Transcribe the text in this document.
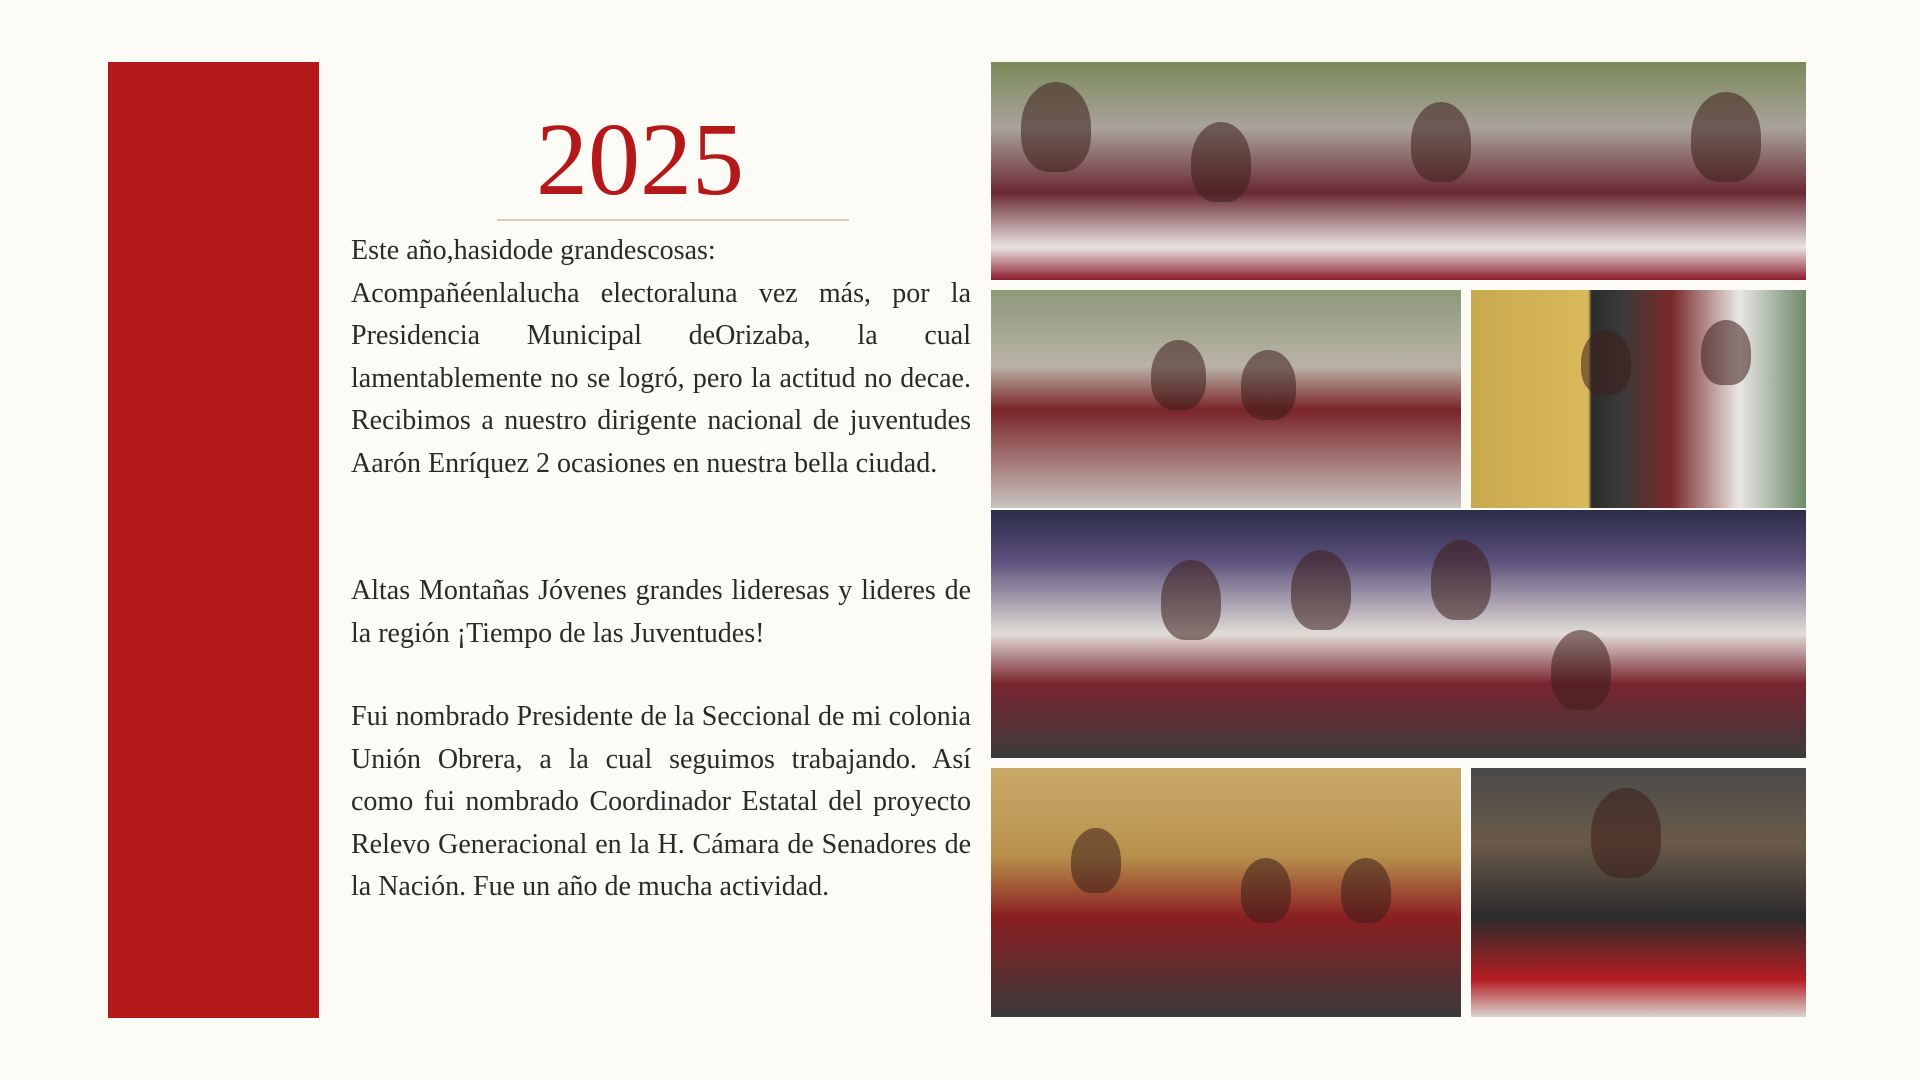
2025

Este año,hasidode grandescosas:

Acompañéenlalucha electoraluna vez más, por la Presidencia Municipal deOrizaba, la cual lamentablemente no se logró, pero la actitud no decae. Recibimos a nuestro dirigente nacional de juventudes Aarón Enríquez 2 ocasiones en nuestra bella ciudad.

Altas Montañas Jóvenes grandes lideresas y lideres de la región ¡Tiempo de las Juventudes!

Fui nombrado Presidente de la Seccional de mi colonia Unión Obrera, a la cual seguimos trabajando. Así como fui nombrado Coordinador Estatal del proyecto Relevo Generacional en la H. Cámara de Senadores de la Nación. Fue un año de mucha actividad.
